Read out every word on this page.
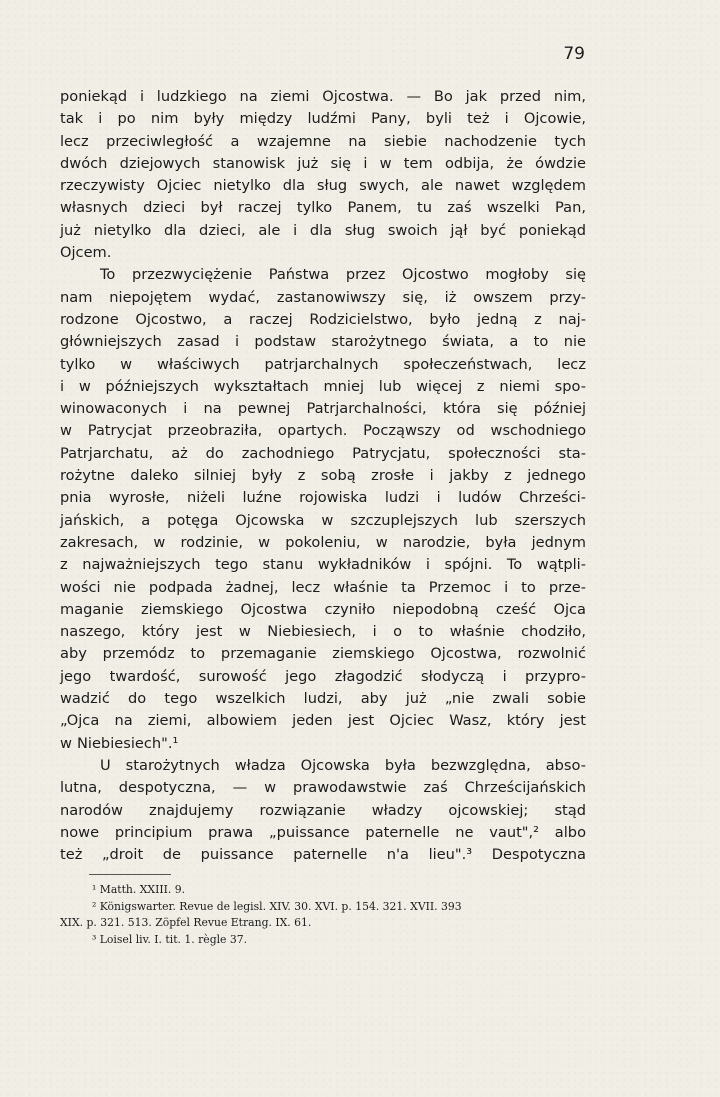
79
poniekąd i ludzkiego na ziemi Ojcostwa. — Bo jak przed nim,
tak i po nim były między ludźmi Pany, byli też i Ojcowie,
lecz przeciwległość a wzajemne na siebie nachodzenie tych
dwóch dziejowych stanowisk już się i w tem odbija, że ówdzie
rzeczywisty Ojciec nietylko dla sług swych, ale nawet względem
własnych dzieci był raczej tylko Panem, tu zaś wszelki Pan,
już nietylko dla dzieci, ale i dla sług swoich jął być poniekąd
Ojcem.
To przezwyciężenie Państwa przez Ojcostwo mogłoby się
nam niepojętem wydać, zastanowiwszy się, iż owszem przy-
rodzone Ojcostwo, a raczej Rodzicielstwo, było jedną z naj-
główniejszych zasad i podstaw starożytnego świata, a to nie
tylko w właściwych patrjarchalnych społeczeństwach, lecz
i w późniejszych wykształtach mniej lub więcej z niemi spo-
winowaconych i na pewnej Patrjarchalności, która się później
w Patrycjat przeobraziła, opartych. Począwszy od wschodniego
Patrjarchatu, aż do zachodniego Patrycjatu, społeczności sta-
rożytne daleko silniej były z sobą zrosłe i jakby z jednego
pnia wyrosłe, niżeli luźne rojowiska ludzi i ludów Chrześci-
jańskich, a potęga Ojcowska w szczuplejszych lub szerszych
zakresach, w rodzinie, w pokoleniu, w narodzie, była jednym
z najważniejszych tego stanu wykładników i spójni. To wątpli-
wości nie podpada żadnej, lecz właśnie ta Przemoc i to prze-
maganie ziemskiego Ojcostwa czyniło niepodobną cześć Ojca
naszego, który jest w Niebiesiech, i o to właśnie chodziło,
aby przemódz to przemaganie ziemskiego Ojcostwa, rozwolnić
jego twardość, surowość jego złagodzić słodyczą i przypro-
wadzić do tego wszelkich ludzi, aby już „nie zwali sobie
„Ojca na ziemi, albowiem jeden jest Ojciec Wasz, który jest
w Niebiesiech".¹
U starożytnych władza Ojcowska była bezwzględna, abso-
lutna, despotyczna, — w prawodawstwie zaś Chrześcijańskich
narodów znajdujemy rozwiązanie władzy ojcowskiej; stąd
nowe principium prawa „puissance paternelle ne vaut",² albo
też „droit de puissance paternelle n'a lieu".³ Despotyczna
¹ Matth. XXIII. 9.
² Königswarter. Revue de legisl. XIV. 30. XVI. p. 154. 321. XVII. 393
XIX. p. 321. 513. Zöpfel Revue Etrang. IX. 61.
³ Loisel liv. I. tit. 1. règle 37.
